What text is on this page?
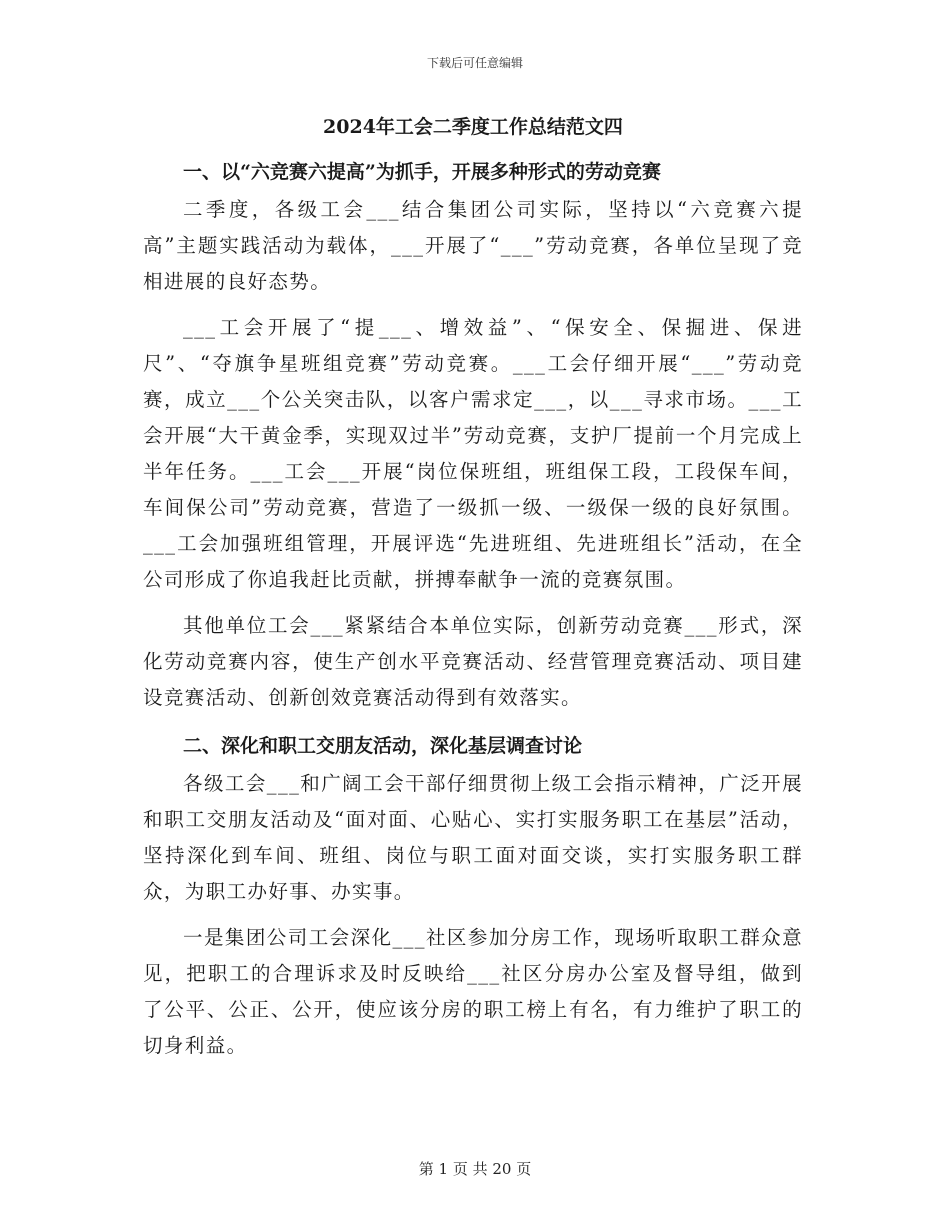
下载后可任意编辑
2024年工会二季度工作总结范文四
一、以“六竞赛六提高”为抓手，开展多种形式的劳动竞赛

二季度，各级工会___结合集团公司实际，坚持以“六竞赛六提高”主题实践活动为载体，___开展了“___”劳动竞赛，各单位呈现了竞相进展的良好态势。

___工会开展了“提___、增效益”、“保安全、保掘进、保进尺”、“夺旗争星班组竞赛”劳动竞赛。___工会仔细开展“___”劳动竞赛，成立___个公关突击队，以客户需求定___，以___寻求市场。___工会开展“大干黄金季，实现双过半”劳动竞赛，支护厂提前一个月完成上半年任务。___工会___开展“岗位保班组，班组保工段，工段保车间，车间保公司”劳动竞赛，营造了一级抓一级、一级保一级的良好氛围。___工会加强班组管理，开展评选“先进班组、先进班组长”活动，在全公司形成了你追我赶比贡献，拼搏奉献争一流的竞赛氛围。

其他单位工会___紧紧结合本单位实际，创新劳动竞赛___形式，深化劳动竞赛内容，使生产创水平竞赛活动、经营管理竞赛活动、项目建设竞赛活动、创新创效竞赛活动得到有效落实。

二、深化和职工交朋友活动，深化基层调查讨论

各级工会___和广阔工会干部仔细贯彻上级工会指示精神，广泛开展和职工交朋友活动及“面对面、心贴心、实打实服务职工在基层”活动，坚持深化到车间、班组、岗位与职工面对面交谈，实打实服务职工群众，为职工办好事、办实事。

一是集团公司工会深化___社区参加分房工作，现场听取职工群众意见，把职工的合理诉求及时反映给___社区分房办公室及督导组，做到了公平、公正、公开，使应该分房的职工榜上有名，有力维护了职工的切身利益。

第 1 页 共 20 页
